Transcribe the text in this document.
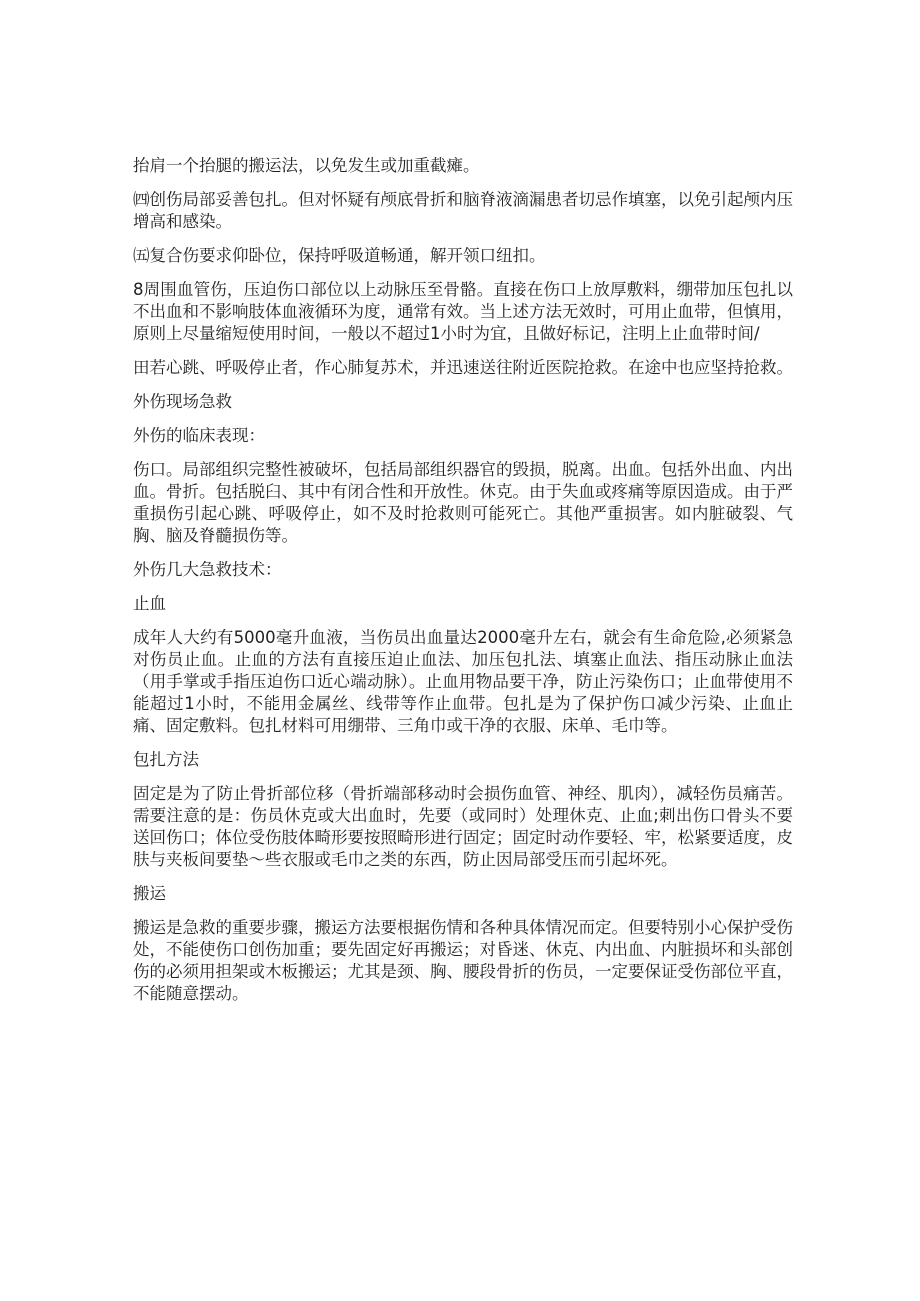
抬肩一个抬腿的搬运法，以免发生或加重截瘫。

㈣创伤局部妥善包扎。但对怀疑有颅底骨折和脑脊液滴漏患者切忌作填塞，以免引起颅内压增高和感染。

㈤复合伤要求仰卧位，保持呼吸道畅通，解开领口纽扣。

8周围血管伤，压迫伤口部位以上动脉压至骨骼。直接在伤口上放厚敷料，绷带加压包扎以不出血和不影响肢体血液循环为度，通常有效。当上述方法无效时，可用止血带，但慎用，原则上尽量缩短使用时间，一般以不超过1小时为宜，且做好标记，注明上止血带时间/

田若心跳、呼吸停止者，作心肺复苏术，并迅速送往附近医院抢救。在途中也应坚持抢救。

外伤现场急救

外伤的临床表现：

伤口。局部组织完整性被破坏，包括局部组织器官的毁损，脱离。出血。包括外出血、内出血。骨折。包括脱臼、其中有闭合性和开放性。休克。由于失血或疼痛等原因造成。由于严重损伤引起心跳、呼吸停止，如不及时抢救则可能死亡。其他严重损害。如内脏破裂、气胸、脑及脊髓损伤等。

外伤几大急救技术：

止血

成年人大约有5000毫升血液，当伤员出血量达2000毫升左右，就会有生命危险,必须紧急对伤员止血。止血的方法有直接压迫止血法、加压包扎法、填塞止血法、指压动脉止血法（用手掌或手指压迫伤口近心端动脉）。止血用物品要干净，防止污染伤口；止血带使用不能超过1小时，不能用金属丝、线带等作止血带。包扎是为了保护伤口减少污染、止血止痛、固定敷料。包扎材料可用绷带、三角巾或干净的衣服、床单、毛巾等。

包扎方法

固定是为了防止骨折部位移（骨折端部移动时会损伤血管、神经、肌肉），减轻伤员痛苦。需要注意的是：伤员休克或大出血时，先要（或同时）处理休克、止血;刺出伤口骨头不要送回伤口；体位受伤肢体畸形要按照畸形进行固定；固定时动作要轻、牢，松紧要适度，皮肤与夹板间要垫〜些衣服或毛巾之类的东西，防止因局部受压而引起坏死。

搬运

搬运是急救的重要步骤，搬运方法要根据伤情和各种具体情况而定。但要特别小心保护受伤处，不能使伤口创伤加重；要先固定好再搬运；对昏迷、休克、内出血、内脏损坏和头部创伤的必须用担架或木板搬运；尤其是颈、胸、腰段骨折的伤员，一定要保证受伤部位平直，不能随意摆动。
